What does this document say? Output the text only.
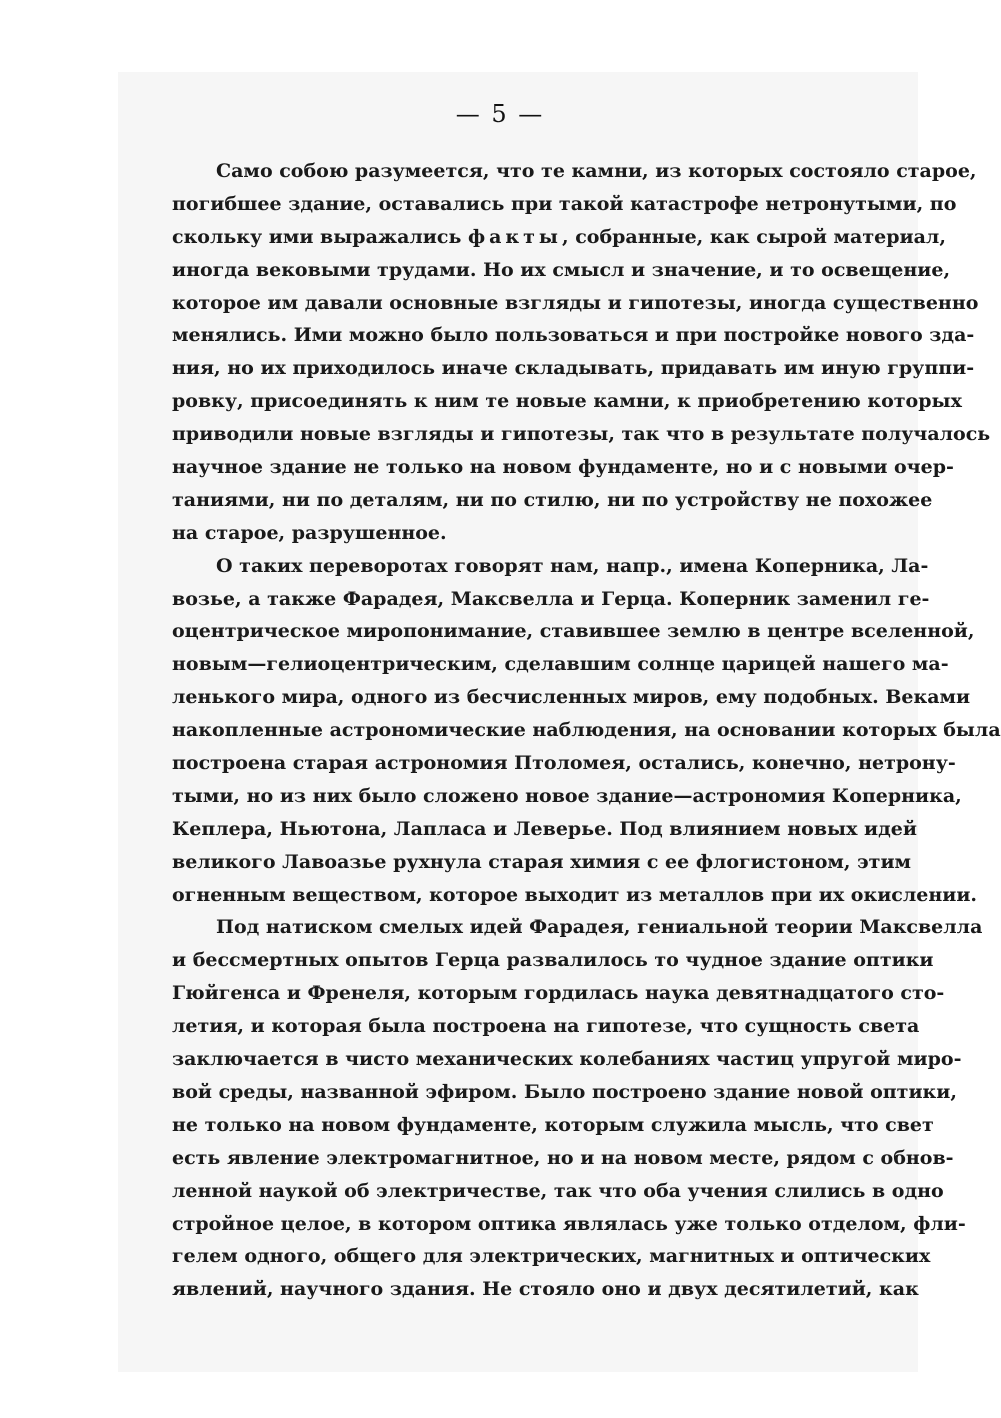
— 5 —
Само собою разумеется, что те камни, из которых состояло старое,
погибшее здание, оставались при такой катастрофе нетронутыми, по
скольку ими выражались факты, собранные, как сырой материал,
иногда вековыми трудами. Но их смысл и значение, и то освещение,
которое им давали основные взгляды и гипотезы, иногда существенно
менялись. Ими можно было пользоваться и при постройке нового зда-
ния, но их приходилось иначе складывать, придавать им иную группи-
ровку, присоединять к ним те новые камни, к приобретению которых
приводили новые взгляды и гипотезы, так что в результате получалось
научное здание не только на новом фундаменте, но и с новыми очер-
таниями, ни по деталям, ни по стилю, ни по устройству не похожее
на старое, разрушенное.
О таких переворотах говорят нам, напр., имена Коперника, Ла-
возье, а также Фарадея, Максвелла и Герца. Коперник заменил ге-
оцентрическое миропонимание, ставившее землю в центре вселенной,
новым—гелиоцентрическим, сделавшим солнце царицей нашего ма-
ленького мира, одного из бесчисленных миров, ему подобных. Веками
накопленные астрономические наблюдения, на основании которых была
построена старая астрономия Птоломея, остались, конечно, нетрону-
тыми, но из них было сложено новое здание—астрономия Коперника,
Кеплера, Ньютона, Лапласа и Леверье. Под влиянием новых идей
великого Лавоазье рухнула старая химия с ее флогистоном, этим
огненным веществом, которое выходит из металлов при их окислении.
Под натиском смелых идей Фарадея, гениальной теории Максвелла
и бессмертных опытов Герца развалилось то чудное здание оптики
Гюйгенса и Френеля, которым гордилась наука девятнадцатого сто-
летия, и которая была построена на гипотезе, что сущность света
заключается в чисто механических колебаниях частиц упругой миро-
вой среды, названной эфиром. Было построено здание новой оптики,
не только на новом фундаменте, которым служила мысль, что свет
есть явление электромагнитное, но и на новом месте, рядом с обнов-
ленной наукой об электричестве, так что оба учения слились в одно
стройное целое, в котором оптика являлась уже только отделом, фли-
гелем одного, общего для электрических, магнитных и оптических
явлений, научного здания. Не стояло оно и двух десятилетий, как
